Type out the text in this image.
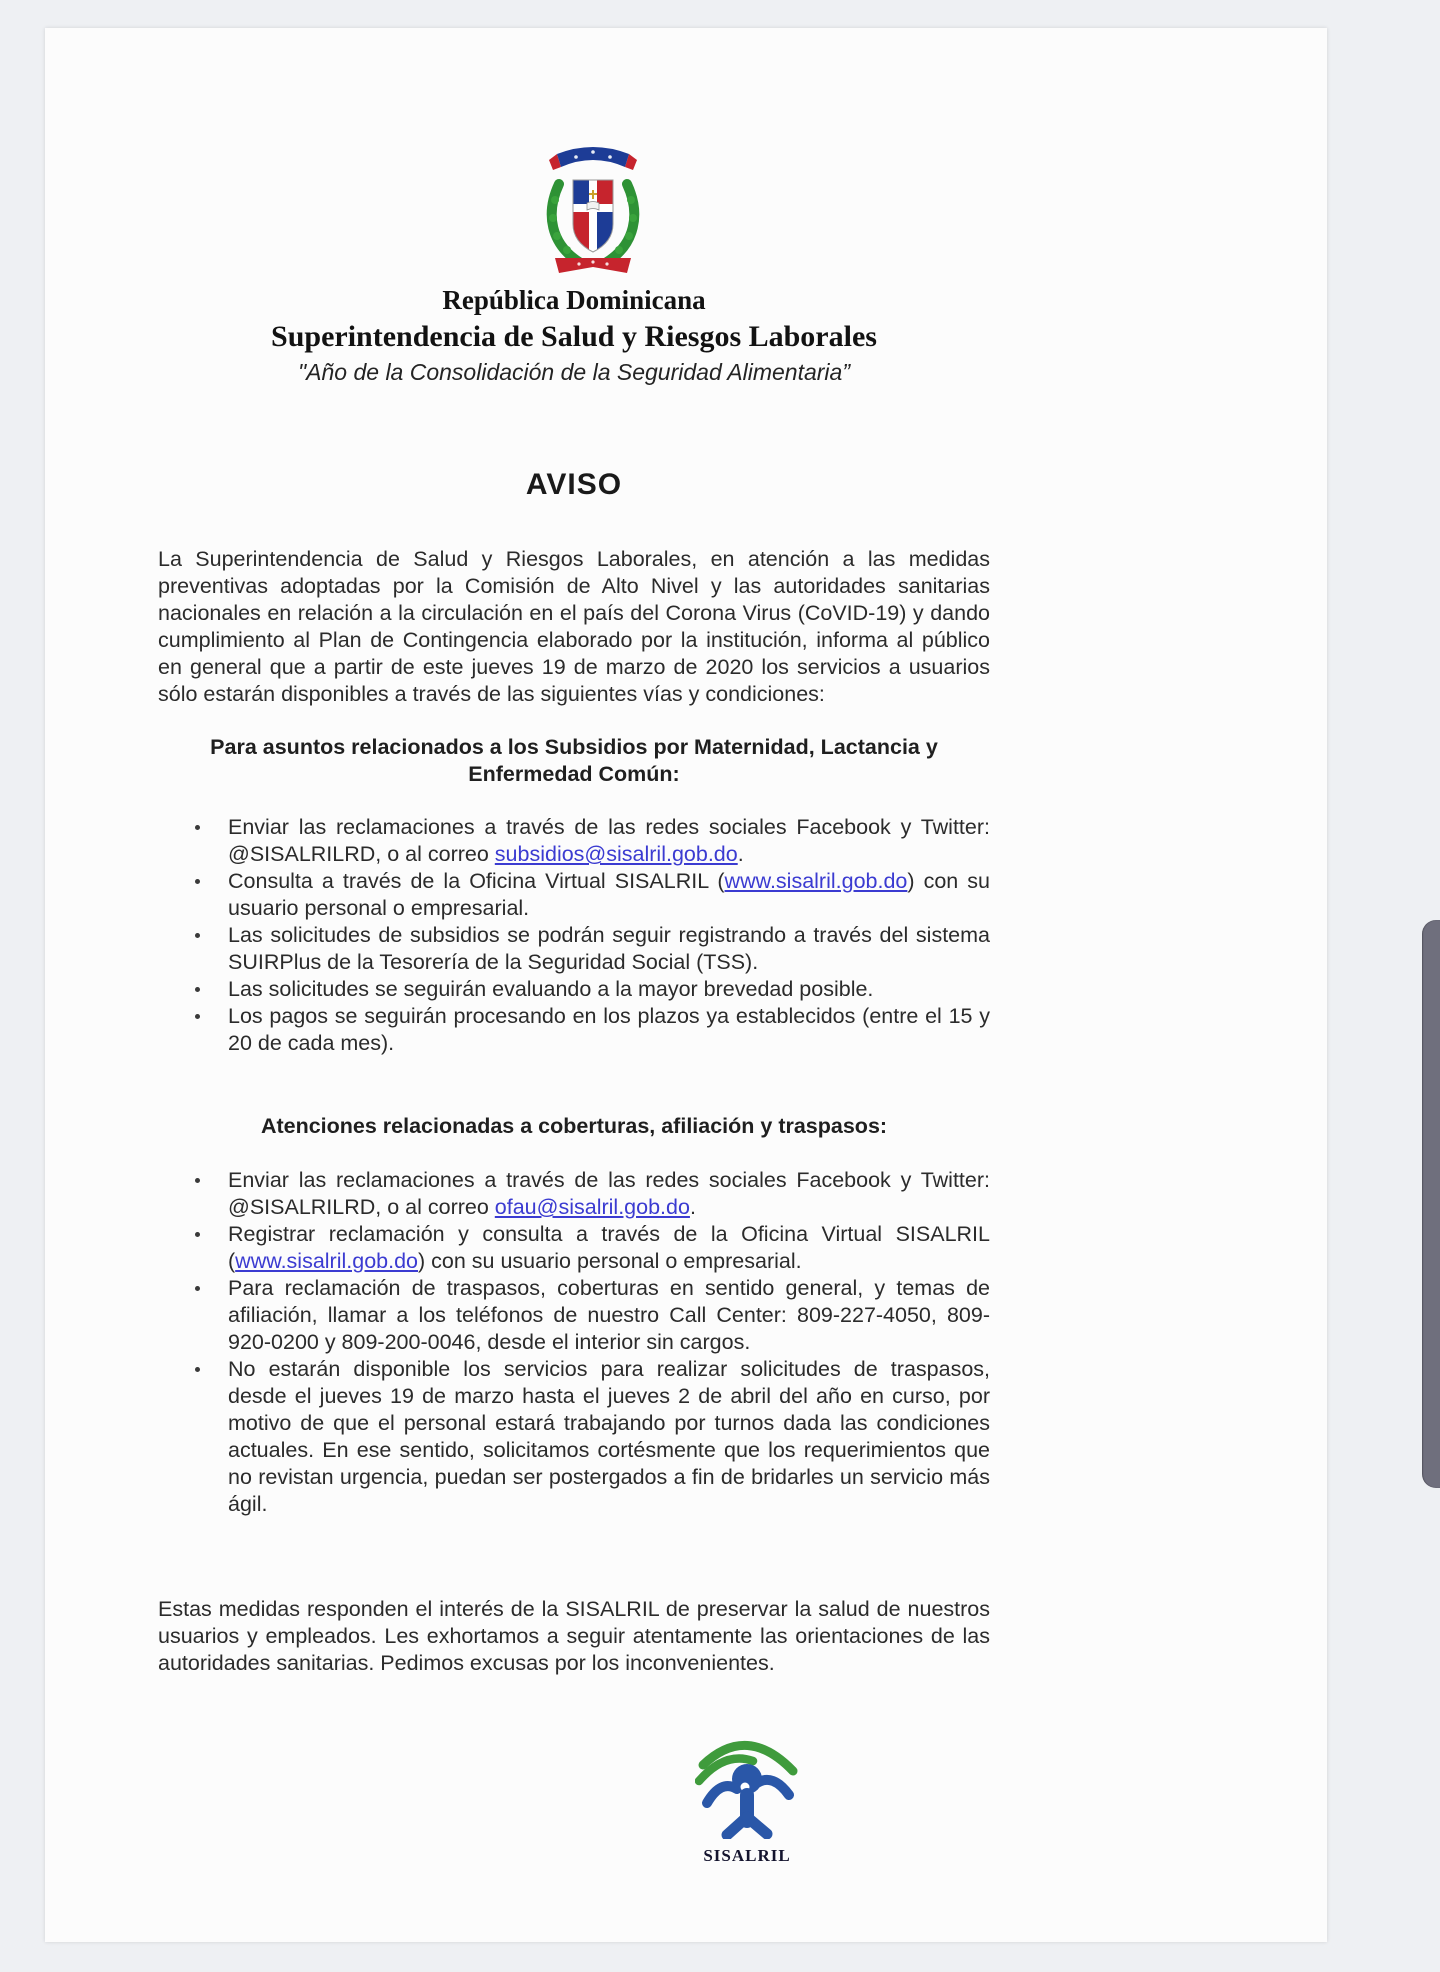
República Dominicana
Superintendencia de Salud y Riesgos Laborales
"Año de la Consolidación de la Seguridad Alimentaria”
AVISO

La Superintendencia de Salud y Riesgos Laborales, en atención a las medidas preventivas adoptadas por la Comisión de Alto Nivel y las autoridades sanitarias nacionales en relación a la circulación en el país del Corona Virus (CoVID-19) y dando cumplimiento al Plan de Contingencia elaborado por la institución, informa al público en general que a partir de este jueves 19 de marzo de 2020 los servicios a usuarios sólo estarán disponibles a través de las siguientes vías y condiciones:

Para asuntos relacionados a los Subsidios por Maternidad, Lactancia y Enfermedad Común:
Enviar las reclamaciones a través de las redes sociales Facebook y Twitter: @SISALRILRD, o al correo subsidios@sisalril.gob.do.
Consulta a través de la Oficina Virtual SISALRIL (www.sisalril.gob.do) con su usuario personal o empresarial.
Las solicitudes de subsidios se podrán seguir registrando a través del sistema SUIRPlus de la Tesorería de la Seguridad Social (TSS).
Las solicitudes se seguirán evaluando a la mayor brevedad posible.
Los pagos se seguirán procesando en los plazos ya establecidos (entre el 15 y 20 de cada mes).
Atenciones relacionadas a coberturas, afiliación y traspasos:
Enviar las reclamaciones a través de las redes sociales Facebook y Twitter: @SISALRILRD, o al correo ofau@sisalril.gob.do.
Registrar reclamación y consulta a través de la Oficina Virtual SISALRIL (www.sisalril.gob.do) con su usuario personal o empresarial.
Para reclamación de traspasos, coberturas en sentido general, y temas de afiliación, llamar a los teléfonos de nuestro Call Center: 809-227-4050, 809-920-0200 y 809-200-0046, desde el interior sin cargos.
No estarán disponible los servicios para realizar solicitudes de traspasos, desde el jueves 19 de marzo hasta el jueves 2 de abril del año en curso, por motivo de que el personal estará trabajando por turnos dada las condiciones actuales. En ese sentido, solicitamos cortésmente que los requerimientos que no revistan urgencia, puedan ser postergados a fin de bridarles un servicio más ágil.

Estas medidas responden el interés de la SISALRIL de preservar la salud de nuestros usuarios y empleados. Les exhortamos a seguir atentamente las orientaciones de las autoridades sanitarias. Pedimos excusas por los inconvenientes.

SISALRIL
